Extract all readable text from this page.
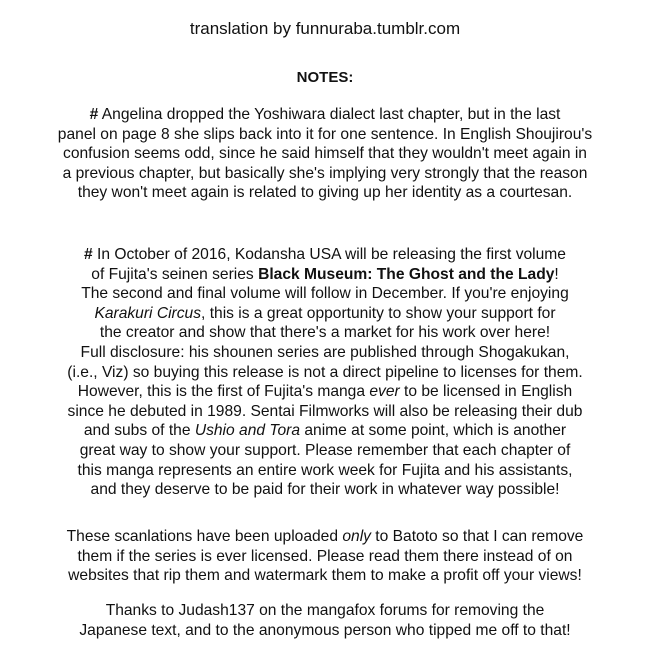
translation by funnuraba.tumblr.com
NOTES:
# Angelina dropped the Yoshiwara dialect last chapter, but in the last
panel on page 8 she slips back into it for one sentence. In English Shoujirou's
confusion seems odd, since he said himself that they wouldn't meet again in
a previous chapter, but basically she's implying very strongly that the reason
they won't meet again is related to giving up her identity as a courtesan.
# In October of 2016, Kodansha USA will be releasing the first volume
of Fujita's seinen series Black Museum: The Ghost and the Lady!
The second and final volume will follow in December. If you're enjoying
Karakuri Circus, this is a great opportunity to show your support for
the creator and show that there's a market for his work over here!
Full disclosure: his shounen series are published through Shogakukan,
(i.e., Viz) so buying this release is not a direct pipeline to licenses for them.
However, this is the first of Fujita's manga ever to be licensed in English
since he debuted in 1989. Sentai Filmworks will also be releasing their dub
and subs of the Ushio and Tora anime at some point, which is another
great way to show your support. Please remember that each chapter of
this manga represents an entire work week for Fujita and his assistants,
and they deserve to be paid for their work in whatever way possible!
These scanlations have been uploaded only to Batoto so that I can remove
them if the series is ever licensed. Please read them there instead of on
websites that rip them and watermark them to make a profit off your views!
Thanks to Judash137 on the mangafox forums for removing the
Japanese text, and to the anonymous person who tipped me off to that!
